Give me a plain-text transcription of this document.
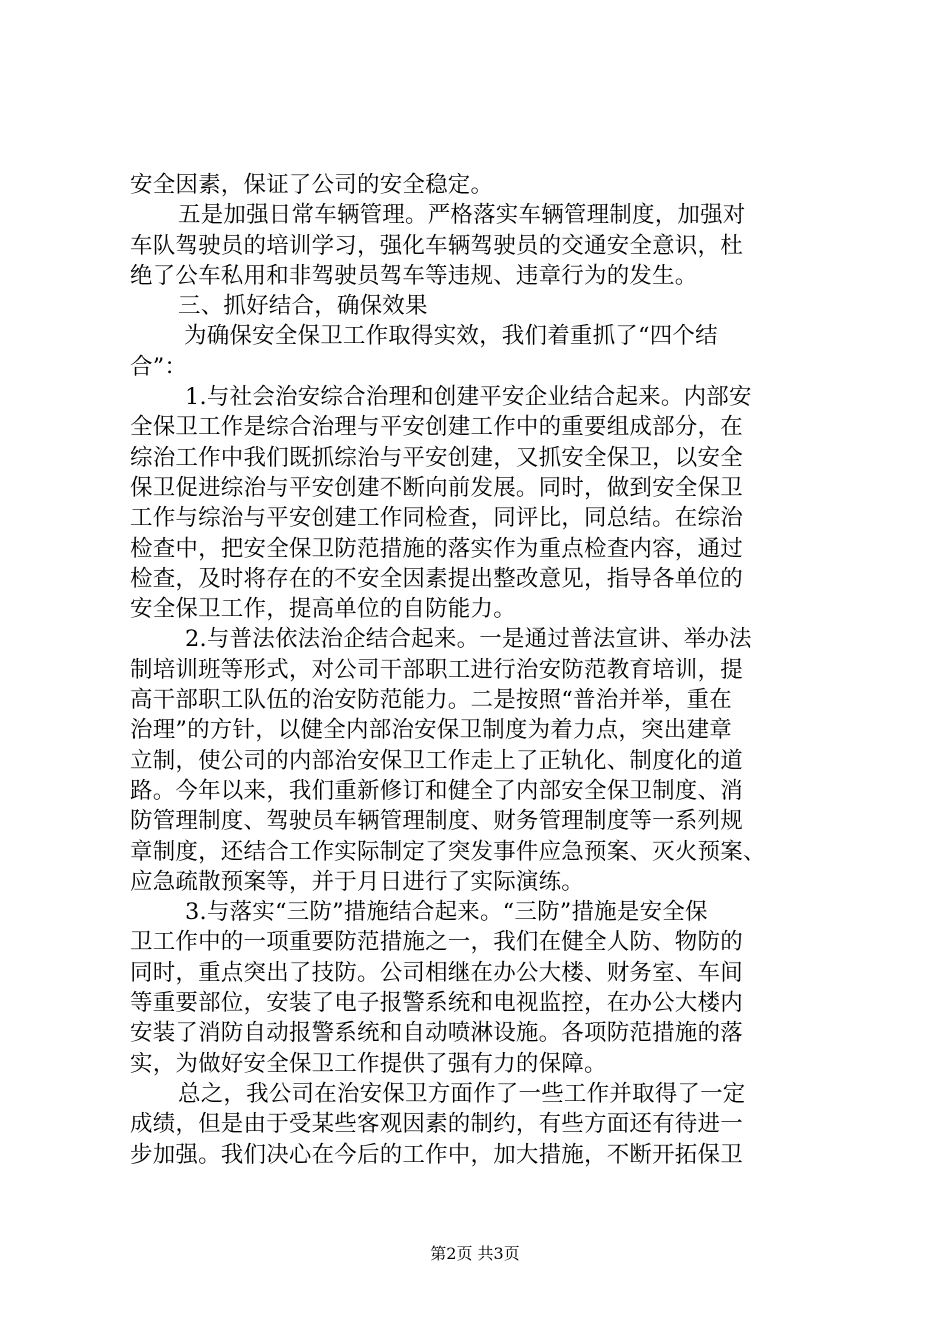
安全因素，保证了公司的安全稳定。
五是加强日常车辆管理。严格落实车辆管理制度，加强对
车队驾驶员的培训学习，强化车辆驾驶员的交通安全意识，杜
绝了公车私用和非驾驶员驾车等违规、违章行为的发生。
三、抓好结合，确保效果
为确保安全保卫工作取得实效，我们着重抓了“四个结
合”：
1.与社会治安综合治理和创建平安企业结合起来。内部安
全保卫工作是综合治理与平安创建工作中的重要组成部分，在
综治工作中我们既抓综治与平安创建，又抓安全保卫，以安全
保卫促进综治与平安创建不断向前发展。同时，做到安全保卫
工作与综治与平安创建工作同检查，同评比，同总结。在综治
检查中，把安全保卫防范措施的落实作为重点检查内容，通过
检查，及时将存在的不安全因素提出整改意见，指导各单位的
安全保卫工作，提高单位的自防能力。
2.与普法依法治企结合起来。一是通过普法宣讲、举办法
制培训班等形式，对公司干部职工进行治安防范教育培训，提
高干部职工队伍的治安防范能力。二是按照“普治并举，重在
治理”的方针，以健全内部治安保卫制度为着力点，突出建章
立制，使公司的内部治安保卫工作走上了正轨化、制度化的道
路。今年以来，我们重新修订和健全了内部安全保卫制度、消
防管理制度、驾驶员车辆管理制度、财务管理制度等一系列规
章制度，还结合工作实际制定了突发事件应急预案、灭火预案、
应急疏散预案等，并于月日进行了实际演练。
3.与落实“三防”措施结合起来。“三防”措施是安全保
卫工作中的一项重要防范措施之一，我们在健全人防、物防的
同时，重点突出了技防。公司相继在办公大楼、财务室、车间
等重要部位，安装了电子报警系统和电视监控，在办公大楼内
安装了消防自动报警系统和自动喷淋设施。各项防范措施的落
实，为做好安全保卫工作提供了强有力的保障。
总之，我公司在治安保卫方面作了一些工作并取得了一定
成绩，但是由于受某些客观因素的制约，有些方面还有待进一
步加强。我们决心在今后的工作中，加大措施，不断开拓保卫
第2页 共3页
